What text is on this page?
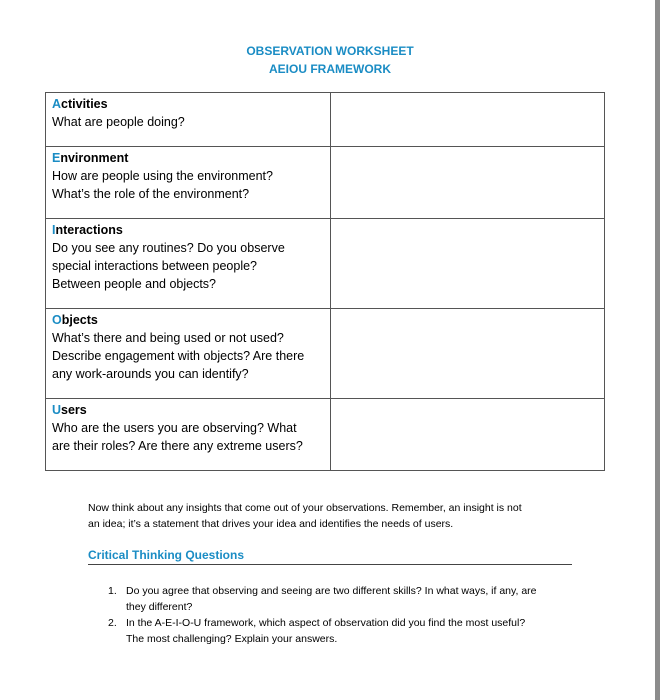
OBSERVATION WORKSHEET
AEIOU FRAMEWORK
Activities
What are people doing?	

Environment
How are people using the environment?
What’s the role of the environment?	

Interactions
Do you see any routines? Do you observe
special interactions between people?
Between people and objects?	

Objects
What’s there and being used or not used?
Describe engagement with objects? Are there
any work-arounds you can identify?	

Users
Who are the users you are observing? What
are their roles? Are there any extreme users?	

Now think about any insights that come out of your observations. Remember, an insight is not
an idea; it’s a statement that drives your idea and identifies the needs of users.
Critical Thinking Questions
1. Do you agree that observing and seeing are two different skills? In what ways, if any, are
they different?
2. In the A-E-I-O-U framework, which aspect of observation did you find the most useful?
The most challenging? Explain your answers.
